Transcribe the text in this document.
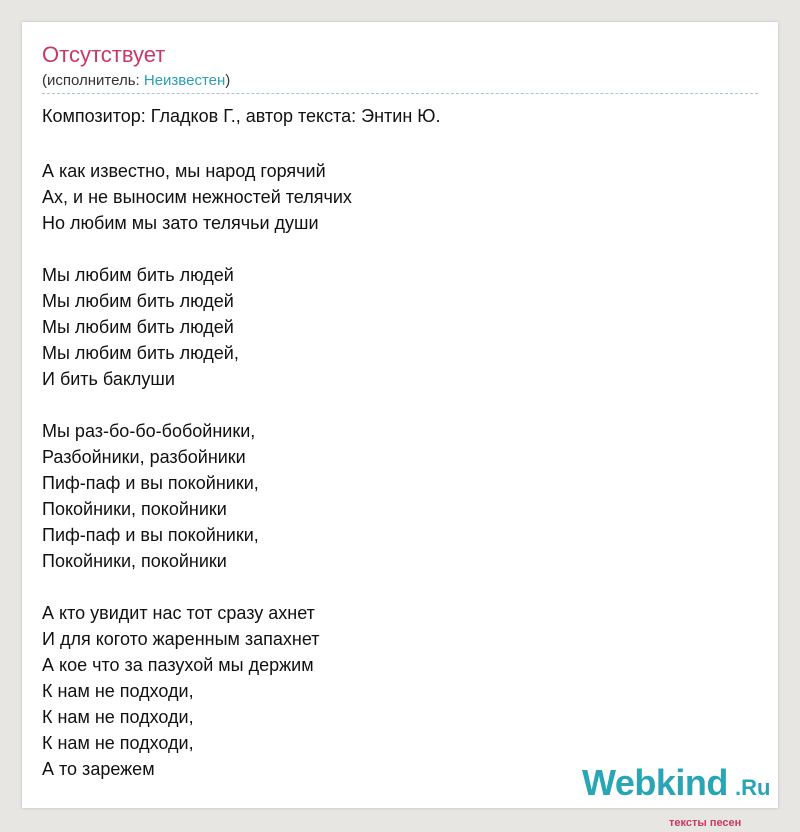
Отсутствует
(исполнитель: Неизвестен)
Композитор: Гладков Г., автор текста: Энтин Ю.
А как известно, мы народ горячий
Ах, и не выносим нежностей телячих
Но любим мы зато телячьи души
Мы любим бить людей
Мы любим бить людей
Мы любим бить людей
Мы любим бить людей,
И бить баклуши
Мы раз-бо-бо-бобойники,
Разбойники, разбойники
Пиф-паф и вы покойники,
Покойники, покойники
Пиф-паф и вы покойники,
Покойники, покойники
А кто увидит нас тот сразу ахнет
И для когото жаренным запахнет
А кое что за пазухой мы держим
К нам не подходи,
К нам не подходи,
К нам не подходи,
А то зарежем	Webkind .Ru
тексты песен
